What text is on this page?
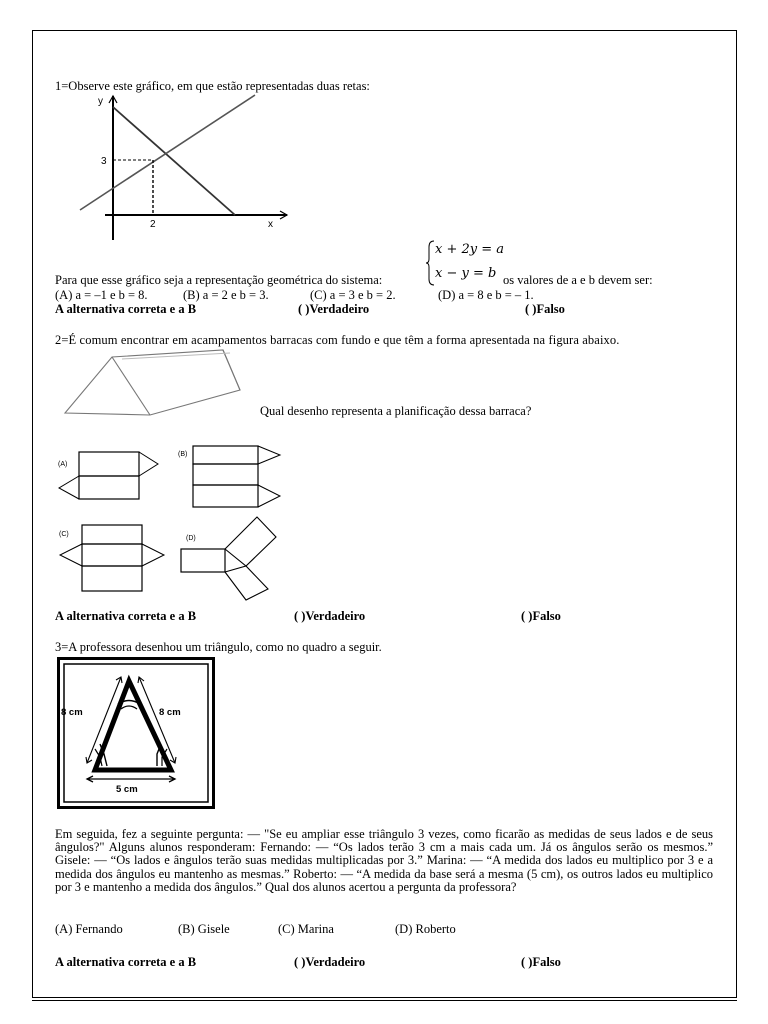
1=Observe este gráfico, em que estão representadas duas retas:
y
3
2	x
Para que esse gráfico seja a representação geométrica do sistema:
x + 2y = a
x − y = b os valores de a e b devem ser:
(A) a = –1 e b = 8.	(B) a = 2 e b = 3.	(C) a = 3 e b = 2.	(D) a = 8 e b = – 1.
A alternativa correta e a B	( )Verdadeiro	( )Falso
2=É comum encontrar em acampamentos barracas com fundo e que têm a forma apresentada na figura abaixo.
Qual desenho representa a planificação dessa barraca?
(A)
(B)
(C)
(D)
A alternativa correta e a B	( )Verdadeiro	( )Falso
3=A professora desenhou um triângulo, como no quadro a seguir.
8 cm	8 cm
5 cm
Em seguida, fez a seguinte pergunta: — "Se eu ampliar esse triângulo 3 vezes, como ficarão as medidas de seus lados e de seus ângulos?" Alguns alunos responderam: Fernando: — “Os lados terão 3 cm a mais cada um. Já os ângulos serão os mesmos.” Gisele: — “Os lados e ângulos terão suas medidas multiplicadas por 3.” Marina: — “A medida dos lados eu multiplico por 3 e a medida dos ângulos eu mantenho as mesmas.” Roberto: — “A medida da base será a mesma (5 cm), os outros lados eu multiplico por 3 e mantenho a medida dos ângulos.” Qual dos alunos acertou a pergunta da professora?
(A) Fernando	(B) Gisele	(C) Marina	(D) Roberto
A alternativa correta e a B	( )Verdadeiro	( )Falso
